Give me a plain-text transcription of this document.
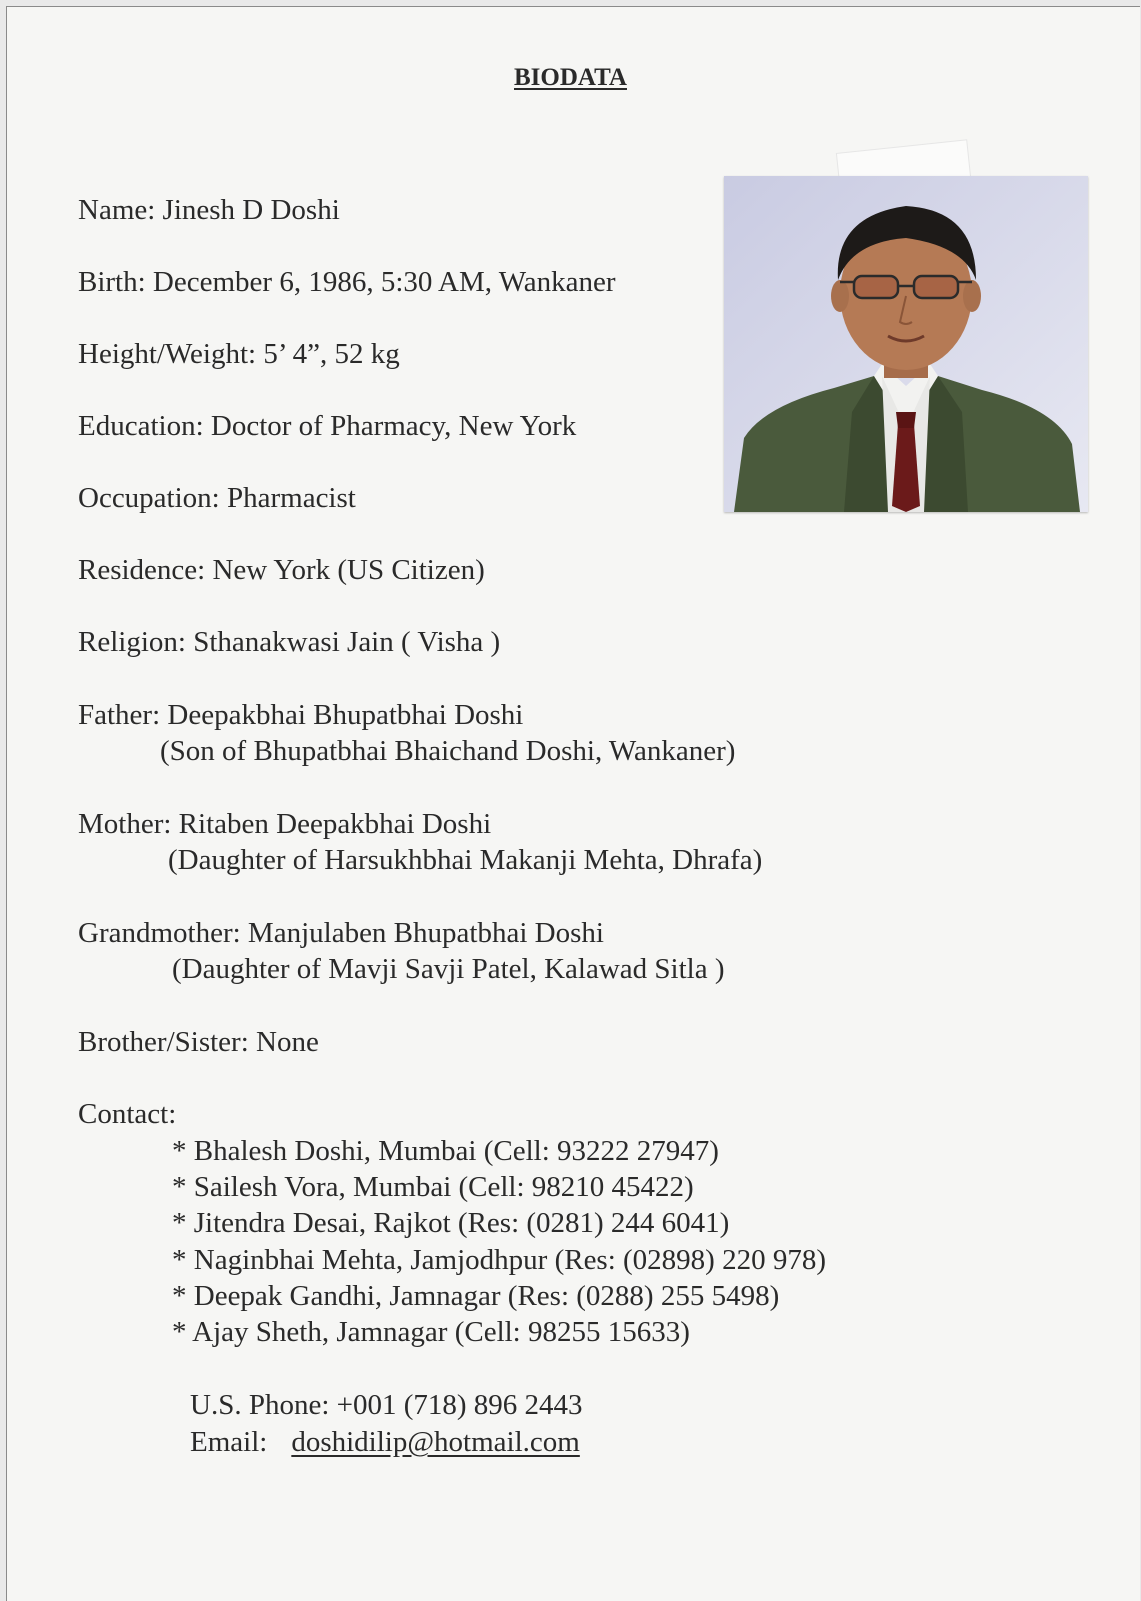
BIODATA
Name: Jinesh D Doshi
Birth: December 6, 1986, 5:30 AM, Wankaner
Height/Weight: 5’ 4”, 52 kg
Education: Doctor of Pharmacy, New York
Occupation: Pharmacist
Residence: New York (US Citizen)
Religion: Sthanakwasi Jain ( Visha )
Father: Deepakbhai Bhupatbhai Doshi
(Son of Bhupatbhai Bhaichand Doshi, Wankaner)
Mother: Ritaben Deepakbhai Doshi
(Daughter of Harsukhbhai Makanji Mehta, Dhrafa)
Grandmother: Manjulaben Bhupatbhai Doshi
(Daughter of Mavji Savji Patel, Kalawad Sitla )
Brother/Sister: None
Contact:
* Bhalesh Doshi, Mumbai (Cell: 93222 27947)
* Sailesh Vora, Mumbai (Cell: 98210 45422)
* Jitendra Desai, Rajkot (Res: (0281) 244 6041)
* Naginbhai Mehta, Jamjodhpur (Res: (02898) 220 978)
* Deepak Gandhi, Jamnagar (Res: (0288) 255 5498)
* Ajay Sheth, Jamnagar (Cell: 98255 15633)
U.S. Phone: +001 (718) 896 2443
Email: doshidilip@hotmail.com
